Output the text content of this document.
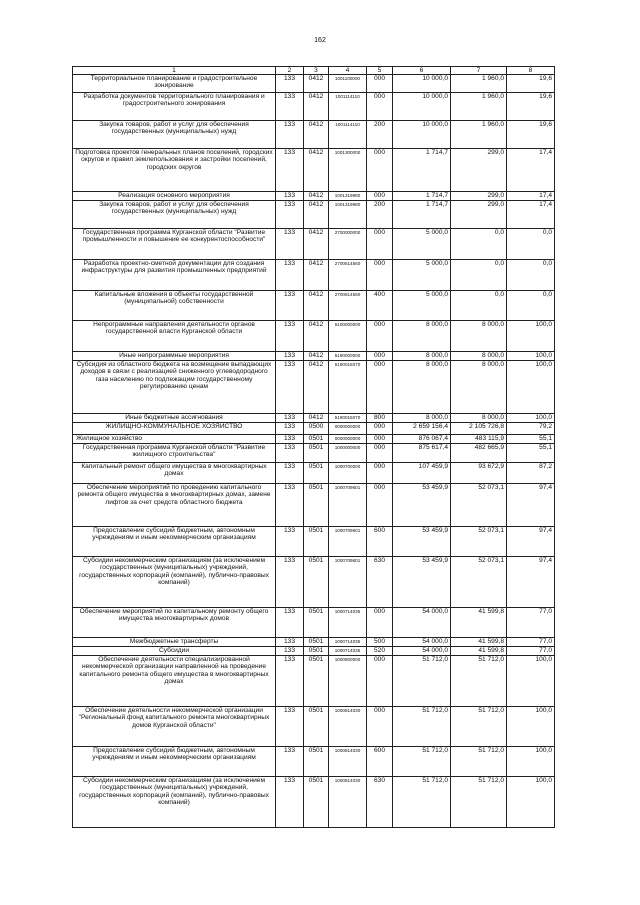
162
1	2	3	4	5	6	7	8
Территориальное планирование и градостроительное зонирование	133	0412	1001100000	000	10 000,0	1 960,0	19,6
Разработка документов территориального планирования и градостроительного зонирования	133	0412	1001114110	000	10 000,0	1 960,0	19,6
Закупка товаров, работ и услуг для обеспечения государственных (муниципальных) нужд	133	0412	1001114110	200	10 000,0	1 960,0	19,6
Подготовка проектов генеральных планов поселений, городских округов и правил землепользования и застройки поселений, городских округов	133	0412	1001300000	000	1 714,7	299,0	17,4
Реализация основного мероприятия	133	0412	1001319980	000	1 714,7	299,0	17,4
Закупка товаров, работ и услуг для обеспечения государственных (муниципальных) нужд	133	0412	1001319980	200	1 714,7	299,0	17,4
Государственная программа Курганской области "Развитие промышленности и повышение ее конкурентоспособности"	133	0412	2700000000	000	5 000,0	0,0	0,0
Разработка проектно-сметной документации для создания инфраструктуры для развития промышленных предприятий	133	0412	2700614560	000	5 000,0	0,0	0,0
Капитальные вложения в объекты государственной (муниципальной) собственности	133	0412	2700614560	400	5 000,0	0,0	0,0
Непрограммные направления деятельности органов государственной власти Курганской области	133	0412	5100000000	000	8 000,0	8 000,0	100,0
Иные непрограммные мероприятия	133	0412	5190000000	000	8 000,0	8 000,0	100,0
Субсидия из областного бюджета на возмещение выпадающих доходов в связи с реализацией сниженного углеводородного газа населению по подлежащим государственному регулированию ценам	133	0412	5190015070	000	8 000,0	8 000,0	100,0
Иные бюджетные ассигнования	133	0412	5190015070	800	8 000,0	8 000,0	100,0
ЖИЛИЩНО-КОММУНАЛЬНОЕ ХОЗЯЙСТВО	133	0500	0000000000	000	2 659 156,4	2 105 726,8	79,2
Жилищное хозяйство	133	0501	0000000000	000	876 067,4	483 115,9	55,1
Государственная программа Курганской области "Развитие жилищного строительства"	133	0501	1000000000	000	875 617,4	482 665,9	55,1
Капитальный ремонт общего имущества в многоквартирных домах	133	0501	1000700000	000	107 459,9	93 672,9	87,2
Обеспечение мероприятий по проведению капитального ремонта общего имущества в многоквартирных домах, замене лифтов за счет средств областного бюджета	133	0501	1000709601	000	53 459,9	52 073,1	97,4
Предоставление субсидий бюджетным, автономным учреждениям и иным некоммерческим организациям	133	0501	1000709601	600	53 459,9	52 073,1	97,4
Субсидии некоммерческим организациям (за исключением государственных (муниципальных) учреждений, государственных корпораций (компаний), публично-правовых компаний)	133	0501	1000709601	630	53 459,9	52 073,1	97,4
Обеспечение мероприятий по капитальному ремонту общего имущества многоквартирных домов	133	0501	1000714035	000	54 000,0	41 599,8	77,0
Межбюджетные трансферты	133	0501	1000714035	500	54 000,0	41 599,8	77,0
Субсидии	133	0501	1000714035	520	54 000,0	41 599,8	77,0
Обеспечение деятельности специализированной некоммерческой организации направленной на проведение капитального ремонта общего имущества в многоквартирных домах	133	0501	1000800000	000	51 712,0	51 712,0	100,0
Обеспечение деятельности некоммерческой организации "Региональный фонд капитального ремонта многоквартирных домов Курганской области"	133	0501	1000814030	000	51 712,0	51 712,0	100,0
Предоставление субсидий бюджетным, автономным учреждениям и иным некоммерческим организациям	133	0501	1000814030	600	51 712,0	51 712,0	100,0
Субсидии некоммерческим организациям (за исключением государственных (муниципальных) учреждений, государственных корпораций (компаний), публично-правовых компаний)	133	0501	1000814030	630	51 712,0	51 712,0	100,0
